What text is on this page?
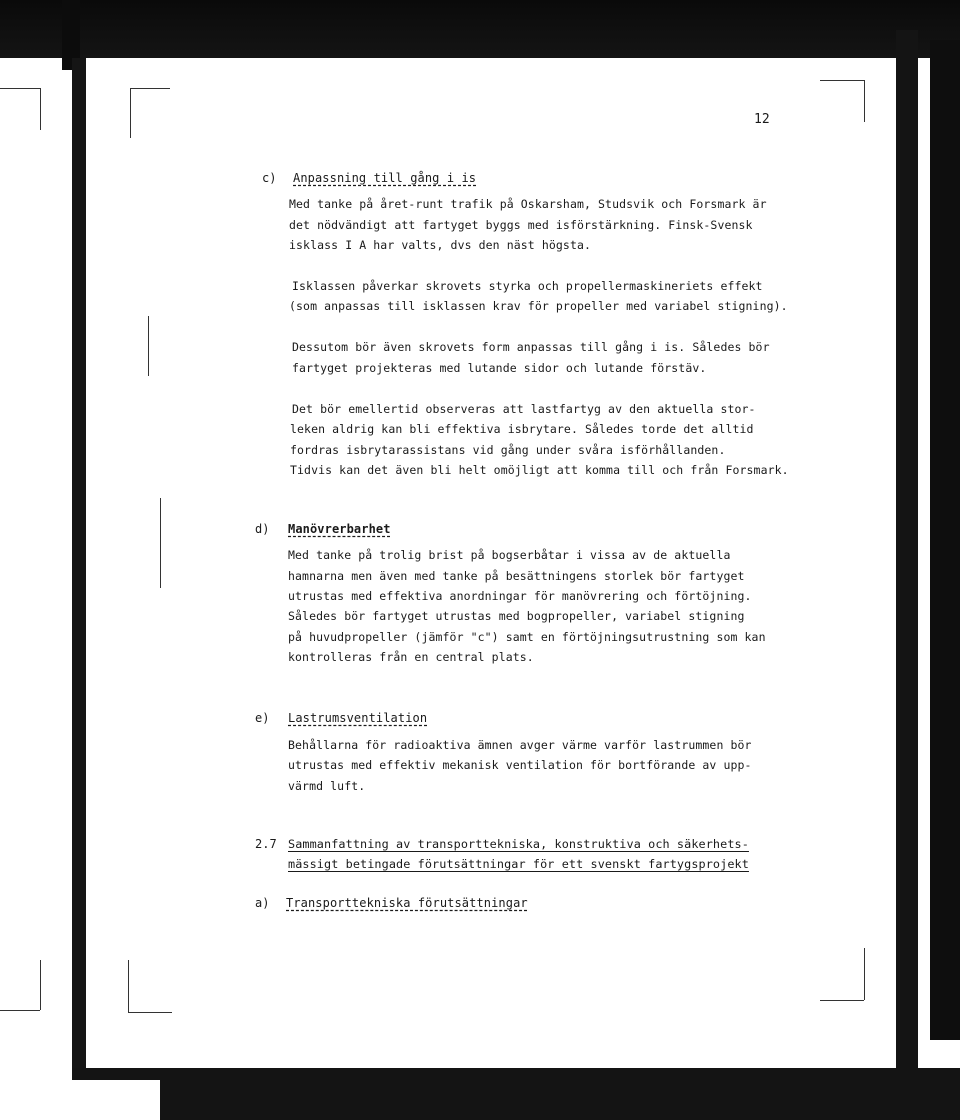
12
c) Anpassning till gång i is
Med tanke på året-runt trafik på Oskarsham, Studsvik och Forsmark är
det nödvändigt att fartyget byggs med isförstärkning. Finsk-Svensk
isklass I A har valts, dvs den näst högsta.
Isklassen påverkar skrovets styrka och propellermaskineriets effekt
(som anpassas till isklassen krav för propeller med variabel stigning).
Dessutom bör även skrovets form anpassas till gång i is. Således bör
fartyget projekteras med lutande sidor och lutande förstäv.
Det bör emellertid observeras att lastfartyg av den aktuella stor-
leken aldrig kan bli effektiva isbrytare. Således torde det alltid
fordras isbrytarassistans vid gång under svåra isförhållanden.
Tidvis kan det även bli helt omöjligt att komma till och från Forsmark.
d) Manövrerbarhet
Med tanke på trolig brist på bogserbåtar i vissa av de aktuella
hamnarna men även med tanke på besättningens storlek bör fartyget
utrustas med effektiva anordningar för manövrering och förtöjning.
Således bör fartyget utrustas med bogpropeller, variabel stigning
på huvudpropeller (jämför "c") samt en förtöjningsutrustning som kan
kontrolleras från en central plats.
e) Lastrumsventilation
Behållarna för radioaktiva ämnen avger värme varför lastrummen bör
utrustas med effektiv mekanisk ventilation för bortförande av upp-
värmd luft.
2.7 Sammanfattning av transporttekniska, konstruktiva och säkerhets-
mässigt betingade förutsättningar för ett svenskt fartygsprojekt
a) Transporttekniska förutsättningar
